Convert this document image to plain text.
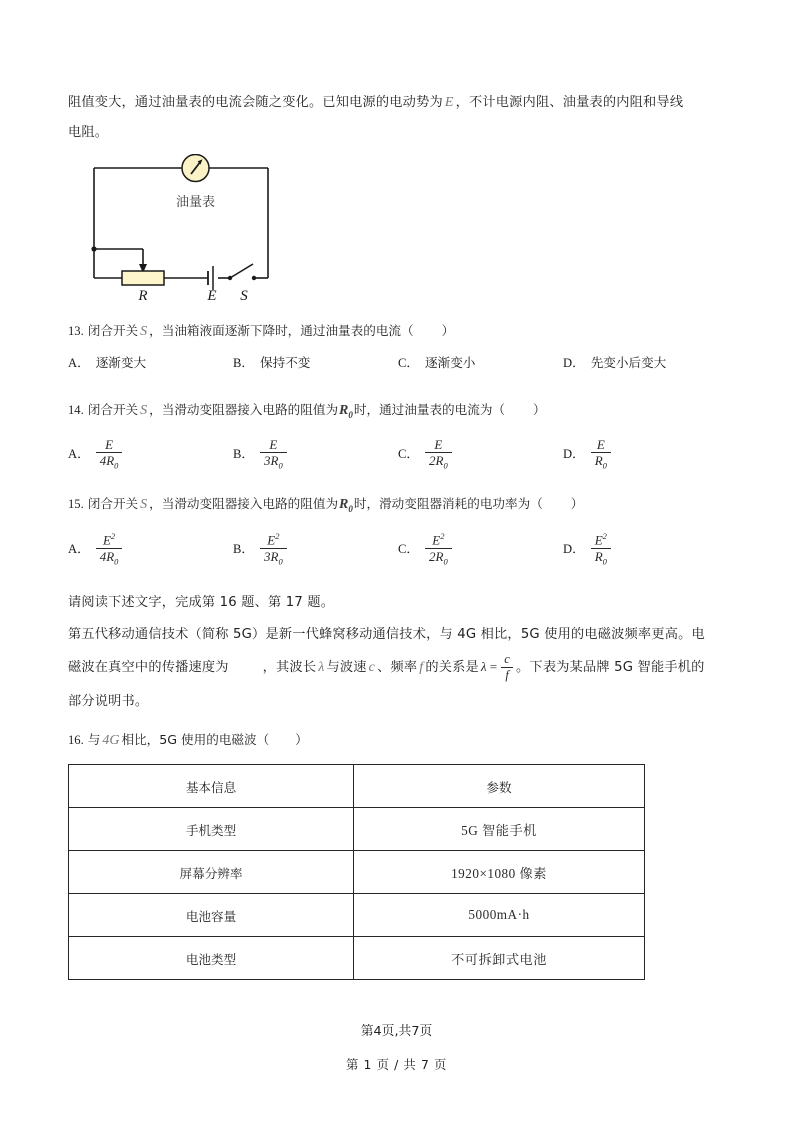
阻值变大，通过油量表的电流会随之变化。已知电源的电动势为 E ，不计电源内阻、油量表的内阻和导线
电阻。
油量表
R	E S
13. 闭合开关 S ，当油箱液面逐渐下降时，通过油量表的电流（ ）
A． 逐渐变大	B． 保持不变	C． 逐渐变小	D． 先变小后变大
14. 闭合开关 S ，当滑动变阻器接入电路的阻值为$R_0$时，通过油量表的电流为（ ）
A． $\frac{E}{4R_0}$	B． $\frac{E}{3R_0}$	C． $\frac{E}{2R_0}$	D． $\frac{E}{R_0}$
15. 闭合开关 S ，当滑动变阻器接入电路的阻值为$R_0$时，滑动变阻器消耗的电功率为（ ）
A． $\frac{E^2}{4R_0}$	B． $\frac{E^2}{3R_0}$	C． $\frac{E^2}{2R_0}$	D． $\frac{E^2}{R_0}$
请阅读下述文字，完成第 16 题、第 17 题。
第五代移动通信技术（简称 5G）是新一代蜂窝移动通信技术，与 4G 相比，5G 使用的电磁波频率更高。电
磁波在真空中的传播速度为	，其波长 λ 与波速 c 、频率 f 的关系是 $\lambda = \frac{c}{f}$ 。下表为某品牌 5G 智能手机的
部分说明书。
16. 与 4G 相比，5G 使用的电磁波（ ）
基本信息	参数
手机类型	5G 智能手机
屏幕分辨率	1920×1080 像素
电池容量	5000mA·h
电池类型	不可拆卸式电池
第4页,共7页
第 1 页 / 共 7 页
